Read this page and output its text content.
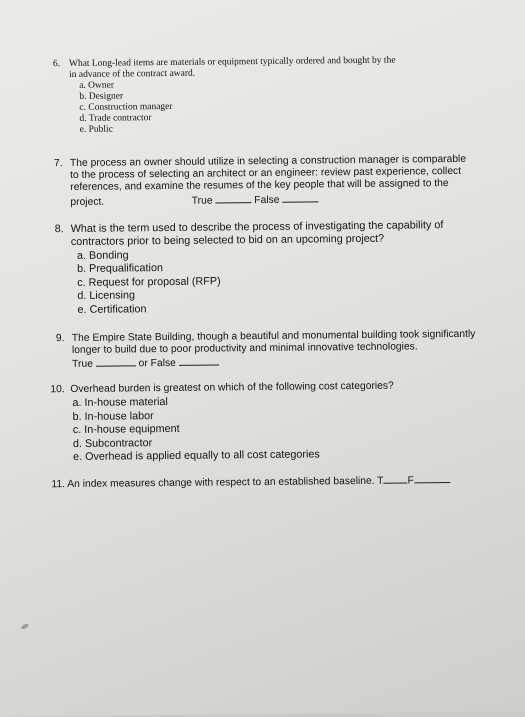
6. What Long-lead items are materials or equipment typically ordered and bought by the
in advance of the contract award.
a. Owner
b. Designer
c. Construction manager
d. Trade contractor
e. Public
7. The process an owner should utilize in selecting a construction manager is comparable
to the process of selecting an architect or an engineer: review past experience, collect
references, and examine the resumes of the key people that will be assigned to the
project.	True	False
8. What is the term used to describe the process of investigating the capability of
contractors prior to being selected to bid on an upcoming project?
a. Bonding
b. Prequalification
c. Request for proposal (RFP)
d. Licensing
e. Certification
9. The Empire State Building, though a beautiful and monumental building took significantly
longer to build due to poor productivity and minimal innovative technologies.
True	or False
10. Overhead burden is greatest on which of the following cost categories?
a. In-house material
b. In-house labor
c. In-house equipment
d. Subcontractor
e. Overhead is applied equally to all cost categories
11. An index measures change with respect to an established baseline. T F
